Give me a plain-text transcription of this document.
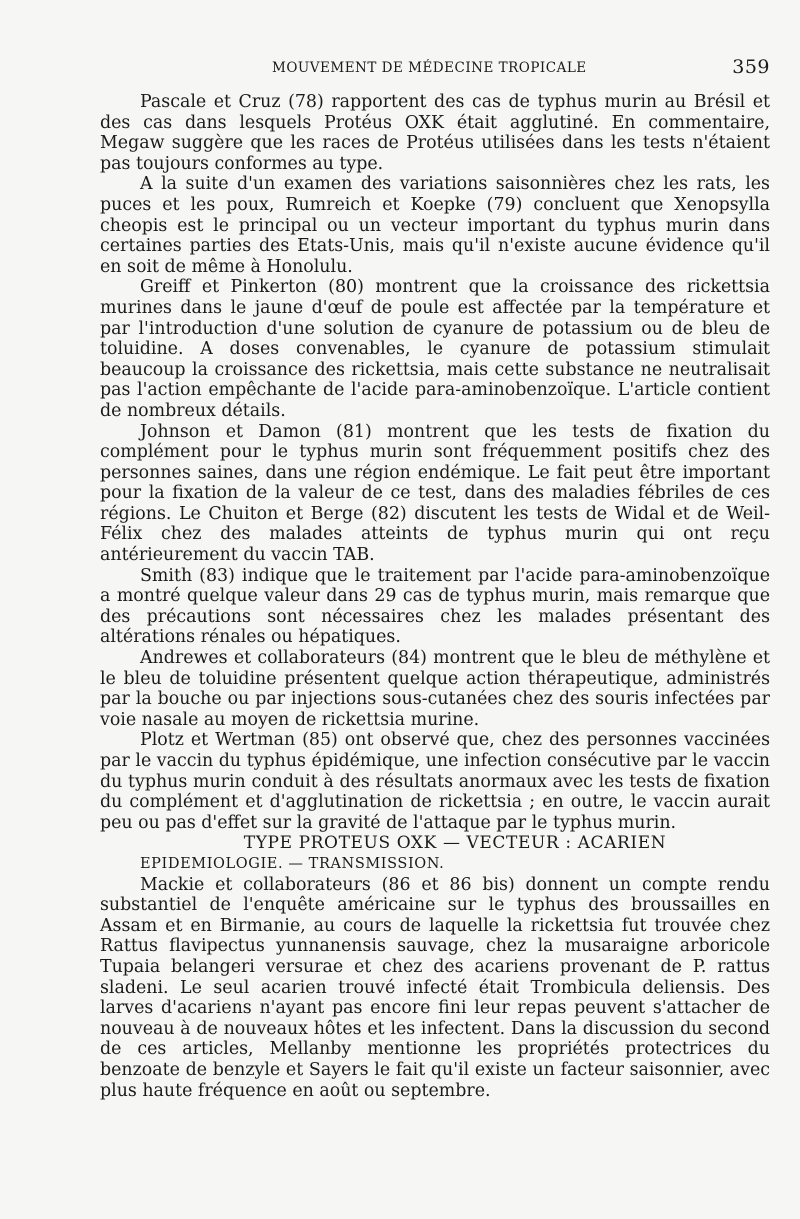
MOUVEMENT DE MÉDECINE TROPICALE	359

Pascale et Cruz (78) rapportent des cas de typhus murin au Brésil et des cas dans lesquels Protéus OXK était agglutiné. En commentaire, Megaw suggère que les races de Protéus utilisées dans les tests n'étaient pas toujours conformes au type.

A la suite d'un examen des variations saisonnières chez les rats, les puces et les poux, Rumreich et Koepke (79) concluent que Xenopsylla cheopis est le principal ou un vecteur important du typhus murin dans certaines parties des Etats-Unis, mais qu'il n'existe aucune évidence qu'il en soit de même à Honolulu.

Greiff et Pinkerton (80) montrent que la croissance des rickettsia murines dans le jaune d'œuf de poule est affectée par la température et par l'introduction d'une solution de cyanure de potassium ou de bleu de toluidine. A doses convenables, le cyanure de potassium stimulait beaucoup la croissance des rickettsia, mais cette substance ne neutralisait pas l'action empêchante de l'acide para-aminobenzoïque. L'article contient de nombreux détails.

Johnson et Damon (81) montrent que les tests de fixation du complément pour le typhus murin sont fréquemment positifs chez des personnes saines, dans une région endémique. Le fait peut être important pour la fixation de la valeur de ce test, dans des maladies fébriles de ces régions. Le Chuiton et Berge (82) discutent les tests de Widal et de Weil-Félix chez des malades atteints de typhus murin qui ont reçu antérieurement du vaccin TAB.

Smith (83) indique que le traitement par l'acide para-aminobenzoïque a montré quelque valeur dans 29 cas de typhus murin, mais remarque que des précautions sont nécessaires chez les malades présentant des altérations rénales ou hépatiques.

Andrewes et collaborateurs (84) montrent que le bleu de méthylène et le bleu de toluidine présentent quelque action thérapeutique, administrés par la bouche ou par injections sous-cutanées chez des souris infectées par voie nasale au moyen de rickettsia murine.

Plotz et Wertman (85) ont observé que, chez des personnes vaccinées par le vaccin du typhus épidémique, une infection consécutive par le vaccin du typhus murin conduit à des résultats anormaux avec les tests de fixation du complément et d'agglutination de rickettsia ; en outre, le vaccin aurait peu ou pas d'effet sur la gravité de l'attaque par le typhus murin.

TYPE PROTEUS OXK — VECTEUR : ACARIEN

EPIDEMIOLOGIE. — TRANSMISSION.

Mackie et collaborateurs (86 et 86 bis) donnent un compte rendu substantiel de l'enquête américaine sur le typhus des broussailles en Assam et en Birmanie, au cours de laquelle la rickettsia fut trouvée chez Rattus flavipectus yunnanensis sauvage, chez la musaraigne arboricole Tupaia belangeri versurae et chez des acariens provenant de P. rattus sladeni. Le seul acarien trouvé infecté était Trombicula deliensis. Des larves d'acariens n'ayant pas encore fini leur repas peuvent s'attacher de nouveau à de nouveaux hôtes et les infectent. Dans la discussion du second de ces articles, Mellanby mentionne les propriétés protectrices du benzoate de benzyle et Sayers le fait qu'il existe un facteur saisonnier, avec plus haute fréquence en août ou septembre.
